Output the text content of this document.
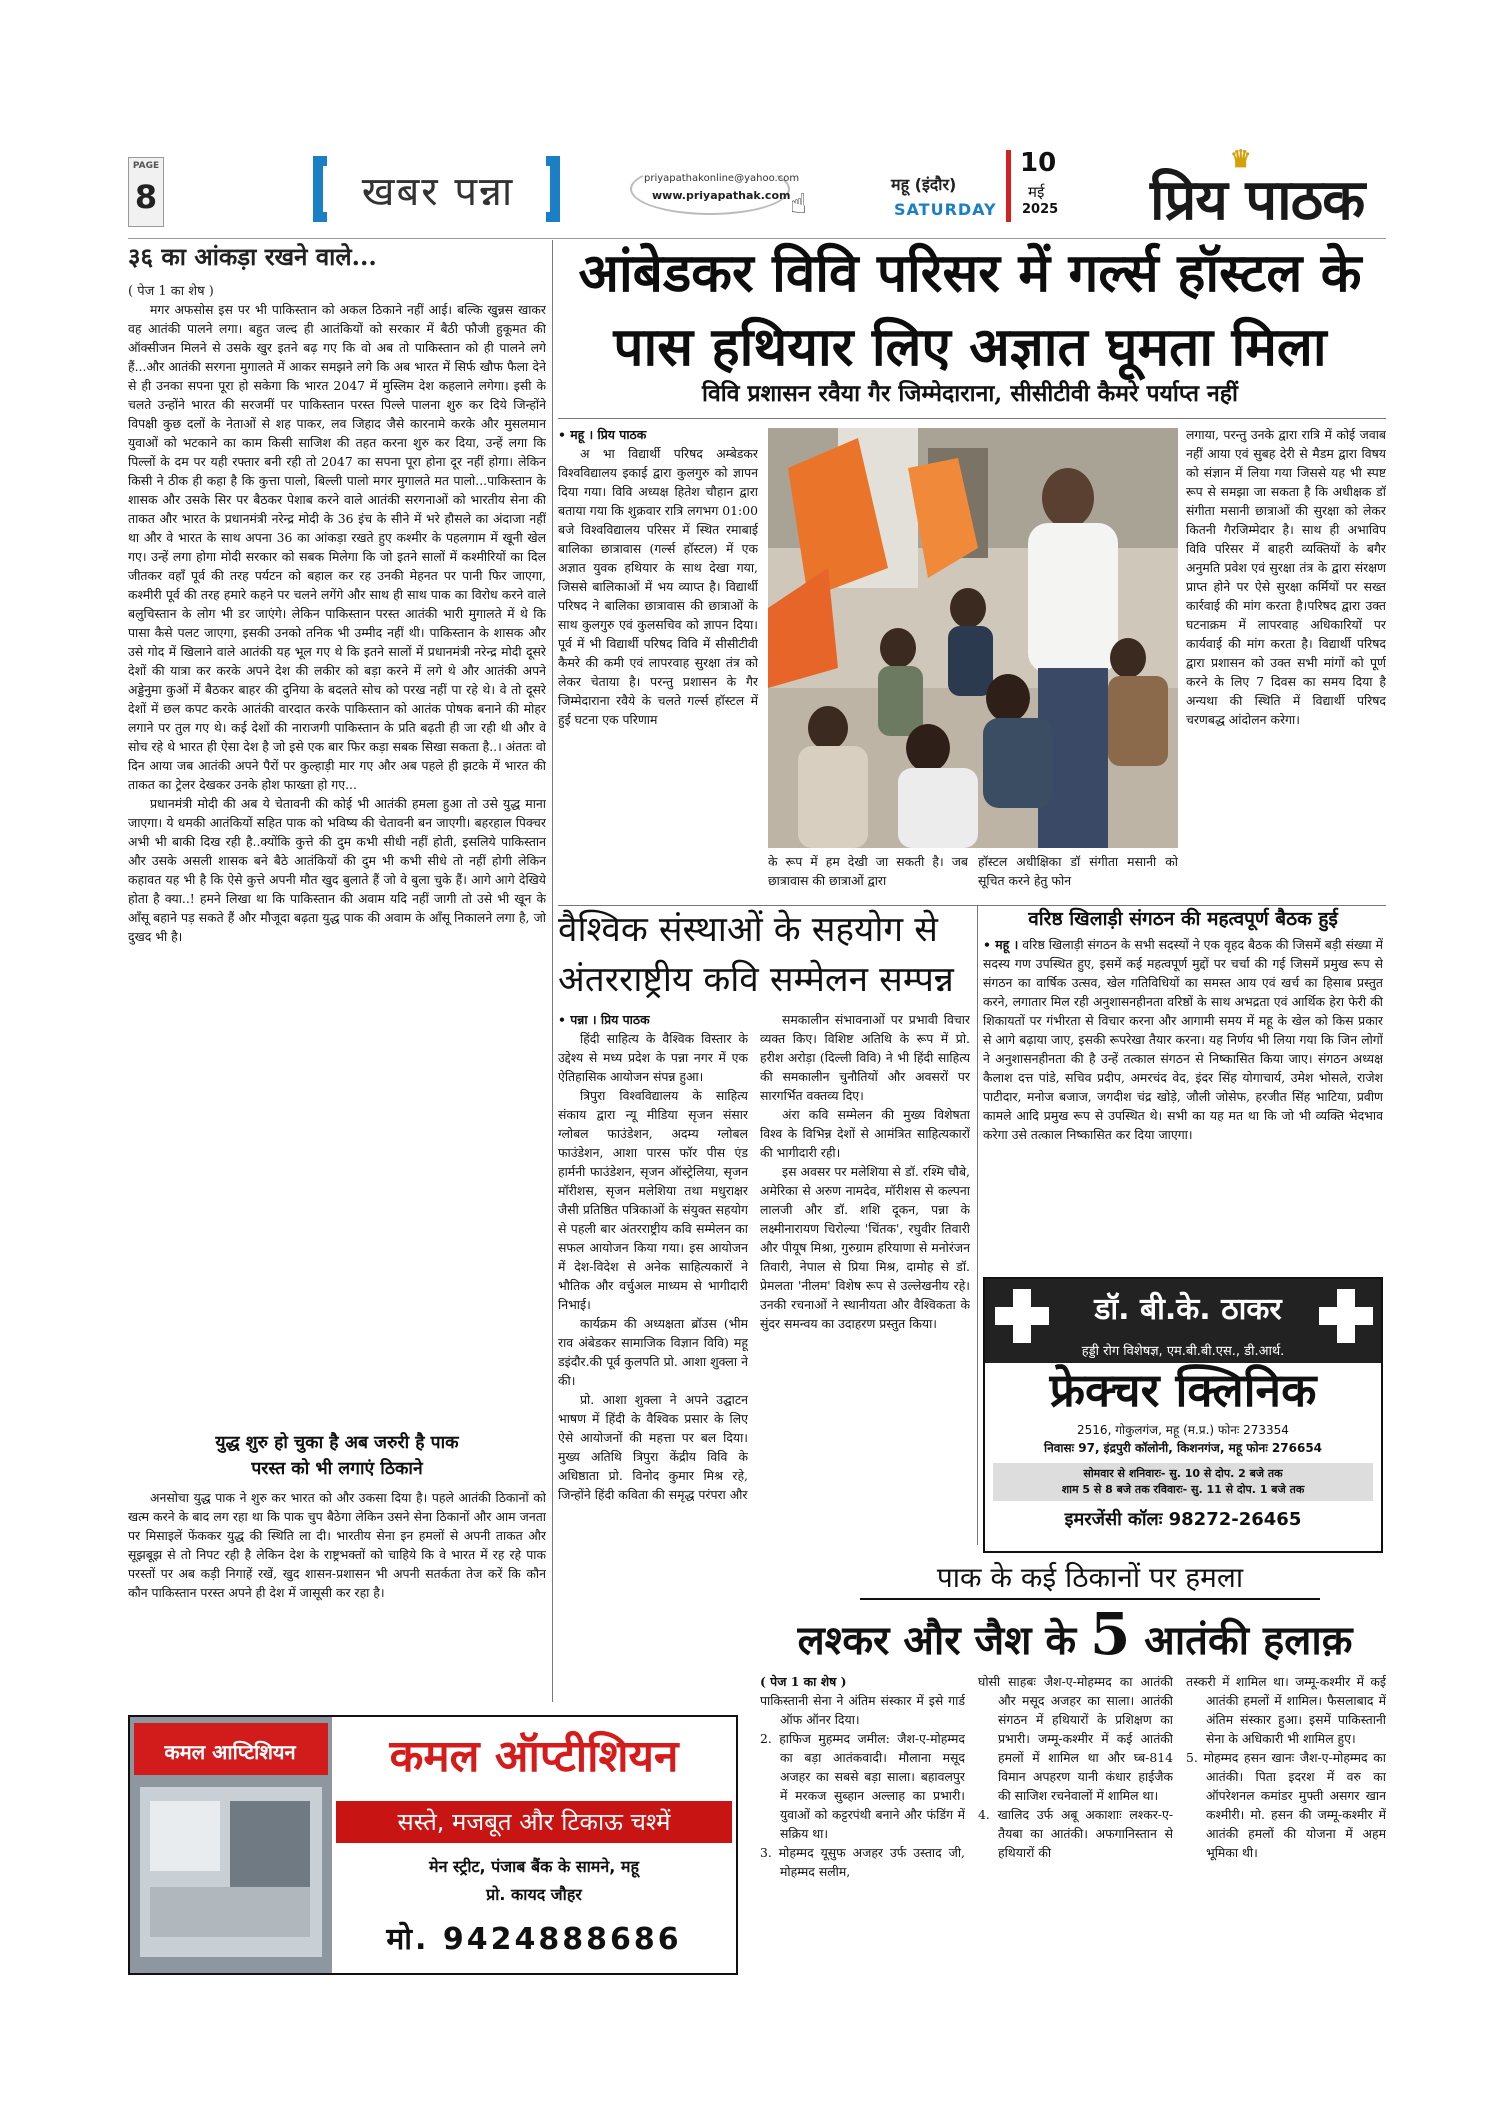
PAGE
8	खबर पन्ना	priyapathakonline@yahoo.com
www.priyapathak.com ☝
महू (इंदौर)
SATURDAY
10
मई
2025
♛
प्रिय पाठक
३६ का आंकड़ा रखने वाले...
( पेज 1 का शेष )

मगर अफसोस इस पर भी पाकिस्तान को अकल ठिकाने नहीं आई। बल्कि खुन्नस खाकर वह आतंकी पालने लगा। बहुत जल्द ही आतंकियों को सरकार में बैठी फौजी हुकूमत की ऑक्सीजन मिलने से उसके खुर इतने बढ़ गए कि वो अब तो पाकिस्तान को ही पालने लगे हैं...और आतंकी सरगना मुगालते में आकर समझने लगे कि अब भारत में सिर्फ खौफ फैला देने से ही उनका सपना पूरा हो सकेगा कि भारत 2047 में मुस्लिम देश कहलाने लगेगा। इसी के चलते उन्होंने भारत की सरजमीं पर पाकिस्तान परस्त पिल्ले पालना शुरु कर दिये जिन्होंने विपक्षी कुछ दलों के नेताओं से शह पाकर, लव जिहाद जैसे कारनामे करके और मुसलमान युवाओं को भटकाने का काम किसी साजिश की तहत करना शुरु कर दिया, उन्हें लगा कि पिल्लों के दम पर यही रफ्तार बनी रही तो 2047 का सपना पूरा होना दूर नहीं होगा। लेकिन किसी ने ठीक ही कहा है कि कुत्ता पालो, बिल्ली पालो मगर मुगालते मत पालो...पाकिस्तान के शासक और उसके सिर पर बैठकर पेशाब करने वाले आतंकी सरगनाओं को भारतीय सेना की ताकत और भारत के प्रधानमंत्री नरेन्द्र मोदी के 36 इंच के सीने में भरे हौसले का अंदाजा नहीं था और वे भारत के साथ अपना 36 का आंकड़ा रखते हुए कश्मीर के पहलगाम में खूनी खेल गए। उन्हें लगा होगा मोदी सरकार को सबक मिलेगा कि जो इतने सालों में कश्मीरियों का दिल जीतकर वहाँ पूर्व की तरह पर्यटन को बहाल कर रह उनकी मेहनत पर पानी फिर जाएगा, कश्मीरी पूर्व की तरह हमारे कहने पर चलने लगेंगे और साथ ही साथ पाक का विरोध करने वाले बलुचिस्तान के लोग भी डर जाएंगे। लेकिन पाकिस्तान परस्त आतंकी भारी मुगालते में थे कि पासा कैसे पलट जाएगा, इसकी उनको तनिक भी उम्मीद नहीं थी। पाकिस्तान के शासक और उसे गोद में खिलाने वाले आतंकी यह भूल गए थे कि इतने सालों में प्रधानमंत्री नरेन्द्र मोदी दूसरे देशों की यात्रा कर करके अपने देश की लकीर को बड़ा करने में लगे थे और आतंकी अपने अड्डेनुमा कुओं में बैठकर बाहर की दुनिया के बदलते सोच को परख नहीं पा रहे थे। वे तो दूसरे देशों में छल कपट करके आतंकी वारदात करके पाकिस्तान को आतंक पोषक बनाने की मोहर लगाने पर तुल गए थे। कई देशों की नाराजगी पाकिस्तान के प्रति बढ़ती ही जा रही थी और वे सोच रहे थे भारत ही ऐसा देश है जो इसे एक बार फिर कड़ा सबक सिखा सकता है..। अंततः वो दिन आया जब आतंकी अपने पैरों पर कुल्हाड़ी मार गए और अब पहले ही झटके में भारत की ताकत का ट्रेलर देखकर उनके होश फाख्ता हो गए...

प्रधानमंत्री मोदी की अब ये चेतावनी की कोई भी आतंकी हमला हुआ तो उसे युद्ध माना जाएगा। ये धमकी आतंकियों सहित पाक को भविष्य की चेतावनी बन जाएगी। बहरहाल पिक्चर अभी भी बाकी दिख रही है..क्योंकि कुत्ते की दुम कभी सीधी नहीं होती, इसलिये पाकिस्तान और उसके असली शासक बने बैठे आतंकियों की दुम भी कभी सीधे तो नहीं होगी लेकिन कहावत यह भी है कि ऐसे कुत्ते अपनी मौत खुद बुलाते हैं जो वे बुला चुके हैं। आगे आगे देखिये होता है क्या..! हमने लिखा था कि पाकिस्तान की अवाम यदि नहीं जागी तो उसे भी खून के आँसू बहाने पड़ सकते हैं और मौजूदा बढ़ता युद्ध पाक की अवाम के आँसू निकालने लगा है, जो दुखद भी है।

युद्ध शुरु हो चुका है अब जरुरी है पाक
परस्त को भी लगाएं ठिकाने

अनसोचा युद्ध पाक ने शुरु कर भारत को और उकसा दिया है। पहले आतंकी ठिकानों को खत्म करने के बाद लग रहा था कि पाक चुप बैठेगा लेकिन उसने सेना ठिकानों और आम जनता पर मिसाइलें फेंककर युद्ध की स्थिति ला दी। भारतीय सेना इन हमलों से अपनी ताकत और सूझबूझ से तो निपट रही है लेकिन देश के राष्ट्रभक्तों को चाहिये कि वे भारत में रह रहे पाक परस्तों पर अब कड़ी निगाहें रखें, खुद शासन-प्रशासन भी अपनी सतर्कता तेज करें कि कौन कौन पाकिस्तान परस्त अपने ही देश में जासूसी कर रहा है।

आंबेडकर विवि परिसर में गर्ल्स हॉस्टल के
पास हथियार लिए अज्ञात घूमता मिला
विवि प्रशासन रवैया गैर जिम्मेदाराना, सीसीटीवी कैमरे पर्याप्त नहीं
• महू । प्रिय पाठक

अ भा विद्यार्थी परिषद अम्बेडकर विश्वविद्यालय इकाई द्वारा कुलगुरु को ज्ञापन दिया गया। विवि अध्यक्ष हितेश चौहान द्वारा बताया गया कि शुक्रवार रात्रि लगभग 01:00 बजे विश्वविद्यालय परिसर में स्थित रमाबाई बालिका छात्रावास (गर्ल्स हॉस्टल) में एक अज्ञात युवक हथियार के साथ देखा गया, जिससे बालिकाओं में भय व्याप्त है। विद्यार्थी परिषद ने बालिका छात्रावास की छात्राओं के साथ कुलगुरु एवं कुलसचिव को ज्ञापन दिया। पूर्व में भी विद्यार्थी परिषद विवि में सीसीटीवी कैमरे की कमी एवं लापरवाह सुरक्षा तंत्र को लेकर चेताया है। परन्तु प्रशासन के गैर जिम्मेदाराना रवैये के चलते गर्ल्स हॉस्टल में हुई घटना एक परिणाम

के रूप में हम देखी जा सकती है। जब छात्रावास की छात्राओं द्वारा
हॉस्टल अधीक्षिका डॉ संगीता मसानी को सूचित करने हेतु फोन
लगाया, परन्तु उनके द्वारा रात्रि में कोई जवाब नहीं आया एवं सुबह देरी से मैडम द्वारा विषय को संज्ञान में लिया गया जिससे यह भी स्पष्ट रूप से समझा जा सकता है कि अधीक्षक डॉ संगीता मसानी छात्राओं की सुरक्षा को लेकर कितनी गैरजिम्मेदार है। साथ ही अभाविप विवि परिसर में बाहरी व्यक्तियों के बगैर अनुमति प्रवेश एवं सुरक्षा तंत्र के द्वारा संरक्षण प्राप्त होने पर ऐसे सुरक्षा कर्मियों पर सख्त कार्रवाई की मांग करता है।परिषद द्वारा उक्त घटनाक्रम में लापरवाह अधिकारियों पर कार्यवाई की मांग करता है। विद्यार्थी परिषद द्वारा प्रशासन को उक्त सभी मांगों को पूर्ण करने के लिए 7 दिवस का समय दिया है अन्यथा की स्थिति में विद्यार्थी परिषद चरणबद्ध आंदोलन करेगा।
वैश्विक संस्थाओं के सहयोग से
अंतरराष्ट्रीय कवि सम्मेलन सम्पन्न
• पन्ना । प्रिय पाठक

हिंदी साहित्य के वैश्विक विस्तार के उद्देश्य से मध्य प्रदेश के पन्ना नगर में एक ऐतिहासिक आयोजन संपन्न हुआ।

त्रिपुरा विश्वविद्यालय के साहित्य संकाय द्वारा न्यू मीडिया सृजन संसार ग्लोबल फाउंडेशन, अदम्य ग्लोबल फाउंडेशन, आशा पारस फॉर पीस एंड हार्मनी फाउंडेशन, सृजन ऑस्ट्रेलिया, सृजन मॉरीशस, सृजन मलेशिया तथा मधुराक्षर जैसी प्रतिष्ठित पत्रिकाओं के संयुक्त सहयोग से पहली बार अंतरराष्ट्रीय कवि सम्मेलन का सफल आयोजन किया गया। इस आयोजन में देश-विदेश से अनेक साहित्यकारों ने भौतिक और वर्चुअल माध्यम से भागीदारी निभाई।

कार्यक्रम की अध्यक्षता ब्रॉउस (भीम राव अंबेडकर सामाजिक विज्ञान विवि) महू डइंदौर.की पूर्व कुलपति प्रो. आशा शुक्ला ने की।

प्रो. आशा शुक्ला ने अपने उद्घाटन भाषण में हिंदी के वैश्विक प्रसार के लिए ऐसे आयोजनों की महत्ता पर बल दिया। मुख्य अतिथि त्रिपुरा केंद्रीय विवि के अधिष्ठाता प्रो. विनोद कुमार मिश्र रहे, जिन्होंने हिंदी कविता की समृद्ध परंपरा और

समकालीन संभावनाओं पर प्रभावी विचार व्यक्त किए। विशिष्ट अतिथि के रूप में प्रो. हरीश अरोड़ा (दिल्ली विवि) ने भी हिंदी साहित्य की समकालीन चुनौतियों और अवसरों पर सारगर्भित वक्तव्य दिए।

अंरा कवि सम्मेलन की मुख्य विशेषता विश्व के विभिन्न देशों से आमंत्रित साहित्यकारों की भागीदारी रही।

इस अवसर पर मलेशिया से डॉ. रश्मि चौबे, अमेरिका से अरुण नामदेव, मॉरीशस से कल्पना लालजी और डॉ. शशि दूकन, पन्ना के लक्ष्मीनारायण चिरोल्या 'चिंतक', रघुवीर तिवारी और पीयूष मिश्रा, गुरुग्राम हरियाणा से मनोरंजन तिवारी, नेपाल से प्रिया मिश्र, दामोह से डॉ. प्रेमलता 'नीलम' विशेष रूप से उल्लेखनीय रहे। उनकी रचनाओं ने स्थानीयता और वैश्विकता के सुंदर समन्वय का उदाहरण प्रस्तुत किया।

वरिष्ठ खिलाड़ी संगठन की महत्वपूर्ण बैठक हुई
• महू । वरिष्ठ खिलाड़ी संगठन के सभी सदस्यों ने एक वृहद बैठक की जिसमें बड़ी संख्या में सदस्य गण उपस्थित हुए, इसमें कई महत्वपूर्ण मुद्दों पर चर्चा की गई जिसमें प्रमुख रूप से संगठन का वार्षिक उत्सव, खेल गतिविधियों का समस्त आय एवं खर्च का हिसाब प्रस्तुत करने, लगातार मिल रही अनुशासनहीनता वरिष्ठों के साथ अभद्रता एवं आर्थिक हेरा फेरी की शिकायतों पर गंभीरता से विचार करना और आगामी समय में महू के खेल को किस प्रकार से आगे बढ़ाया जाए, इसकी रूपरेखा तैयार करना। यह निर्णय भी लिया गया कि जिन लोगों ने अनुशासनहीनता की है उन्हें तत्काल संगठन से निष्कासित किया जाए। संगठन अध्यक्ष कैलाश दत्त पांडे, सचिव प्रदीप, अमरचंद वेद, इंदर सिंह योगाचार्य, उमेश भोसले, राजेश पाटीदार, मनोज बजाज, जगदीश चंद्र खोड़े, जौली जोसेफ, हरजीत सिंह भाटिया, प्रवीण कामले आदि प्रमुख रूप से उपस्थित थे। सभी का यह मत था कि जो भी व्यक्ति भेदभाव करेगा उसे तत्काल निष्कासित कर दिया जाएगा।
डॉ. बी.के. ठाकर
हड्डी रोग विशेषज्ञ, एम.बी.बी.एस., डी.आर्थ.
फ्रेक्चर क्लिनिक
2516, गोकुलगंज, महू (म.प्र.) फोनः 273354
निवासः 97, इंद्रपुरी कॉलोनी, किशनगंज, महू फोनः 276654
सोमवार से शनिवारः- सु. 10 से दोप. 2 बजे तक
शाम 5 से 8 बजे तक रविवारः- सु. 11 से दोप. 1 बजे तक
इमरजेंसी कॉलः 98272-26465
पाक के कई ठिकानों पर हमला
लश्कर और जैश के 5 आतंकी हलाक़
( पेज 1 का शेष )
पाकिस्तानी सेना ने अंतिम संस्कार में इसे गार्ड ऑफ ऑनर दिया।
2. हाफिज मुहम्मद जमील: जैश-ए-मोहम्मद का बड़ा आतंकवादी। मौलाना मसूद अजहर का सबसे बड़ा साला। बहावलपुर में मरकज सुब्हान अल्लाह का प्रभारी। युवाओं को कट्टरपंथी बनाने और फंडिंग में सक्रिय था।
3. मोहम्मद यूसुफ अजहर उर्फ उस्ताद जी, मोहम्मद सलीम,
घोसी साहबः जैश-ए-मोहम्मद का आतंकी और मसूद अजहर का साला। आतंकी संगठन में हथियारों के प्रशिक्षण का प्रभारी। जम्मू-कश्मीर में कई आतंकी हमलों में शामिल था और घ्ब-814 विमान अपहरण यानी कंधार हाईजैक की साजिश रचनेवालों में शामिल था।
4. खालिद उर्फ अबू अकाशाः लश्कर-ए-तैयबा का आतंकी। अफगानिस्तान से हथियारों की
तस्करी में शामिल था। जम्मू-कश्मीर में कई आतंकी हमलों में शामिल। फैसलाबाद में अंतिम संस्कार हुआ। इसमें पाकिस्तानी सेना के अधिकारी भी शामिल हुए।
5. मोहम्मद हसन खानः जैश-ए-मोहम्मद का आतंकी। पिता इदरश में वरु का ऑपरेशनल कमांडर मुफ्ती असगर खान कश्मीरी। मो. हसन की जम्मू-कश्मीर में आतंकी हमलों की योजना में अहम भूमिका थी।
कमल आप्टिशियन	कमल ऑप्टीशियन
सस्ते, मजबूत और टिकाऊ चश्में
मेन स्ट्रीट, पंजाब बैंक के सामने, महू
प्रो. कायद जौहर
मो. 9424888686
